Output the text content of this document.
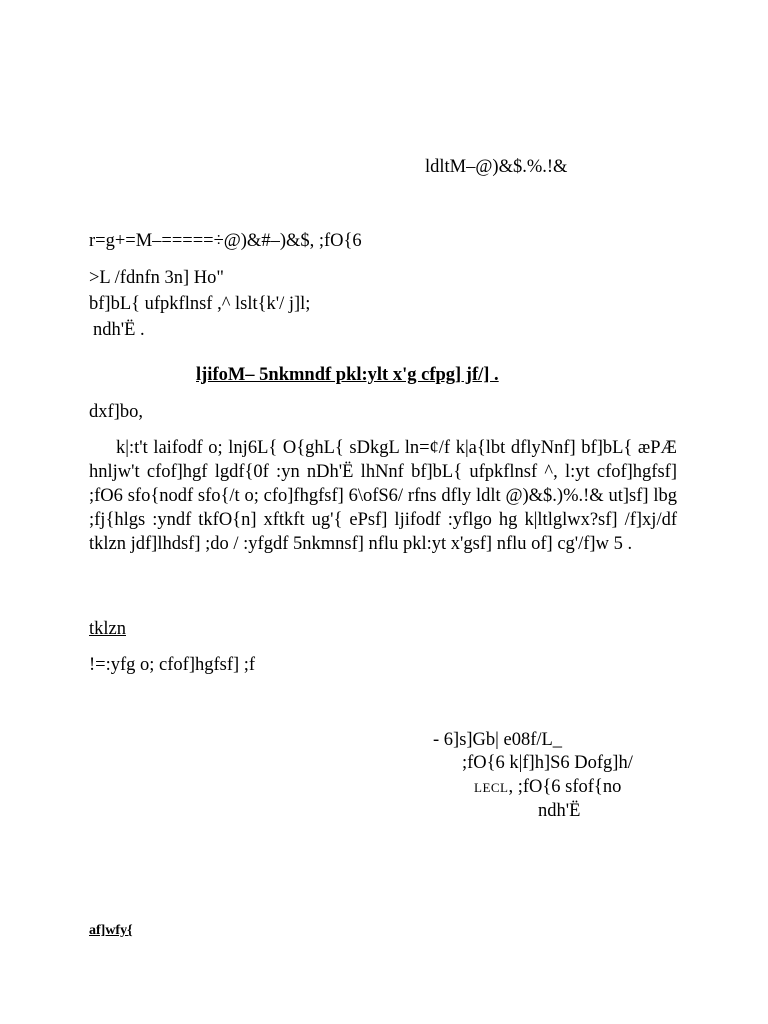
ldltM–@)&$.%.!&
r=g+=M–=====÷@)&#–)&$, ;fO{6
>L /fdnfn 3n] Ho"
bf]bL{ ufpkflnsf ,^ lslt{k'/ j]l;
ndh'Ë .
ljifoM– 5nkmndf pkl:ylt x'g cfpg] jf/] .
dxf]bo,
k|:t't laifodf o; lnj6L{ O{ghL{ sDkgL ln=¢/f k|a{lbt dflyNnf] bf]bL{ æPÆ hnljw't cfof]hgf lgdf{0f :yn nDh'Ë lhNnf bf]bL{ ufpkflnsf ^, l:yt cfof]hgfsf] ;fO6 sfo{nodf sfo{/t o; cfo]fhgfsf] 6\ofS6/ rfns dfly ldlt @)&$.)%.!& ut]sf] lbg ;fj{hlgs :yndf tkfO{n] xftkft ug'{ ePsf] ljifodf :yflgo hg k|ltlglwx?sf] /f]xj/df tklzn jdf]lhdsf] ;do / :yfgdf 5nkmnsf] nflu pkl:yt x'gsf] nflu of] cg'/f]w 5 .
tklzn
!=:yfg o; cfof]hgfsf] ;f
- 6]s]Gb| e08f/L_
;fO{6 k|f]h]S6 Dofg]h/
LECL, ;fO{6 sfof{no
ndh'Ë
af]wfy{
